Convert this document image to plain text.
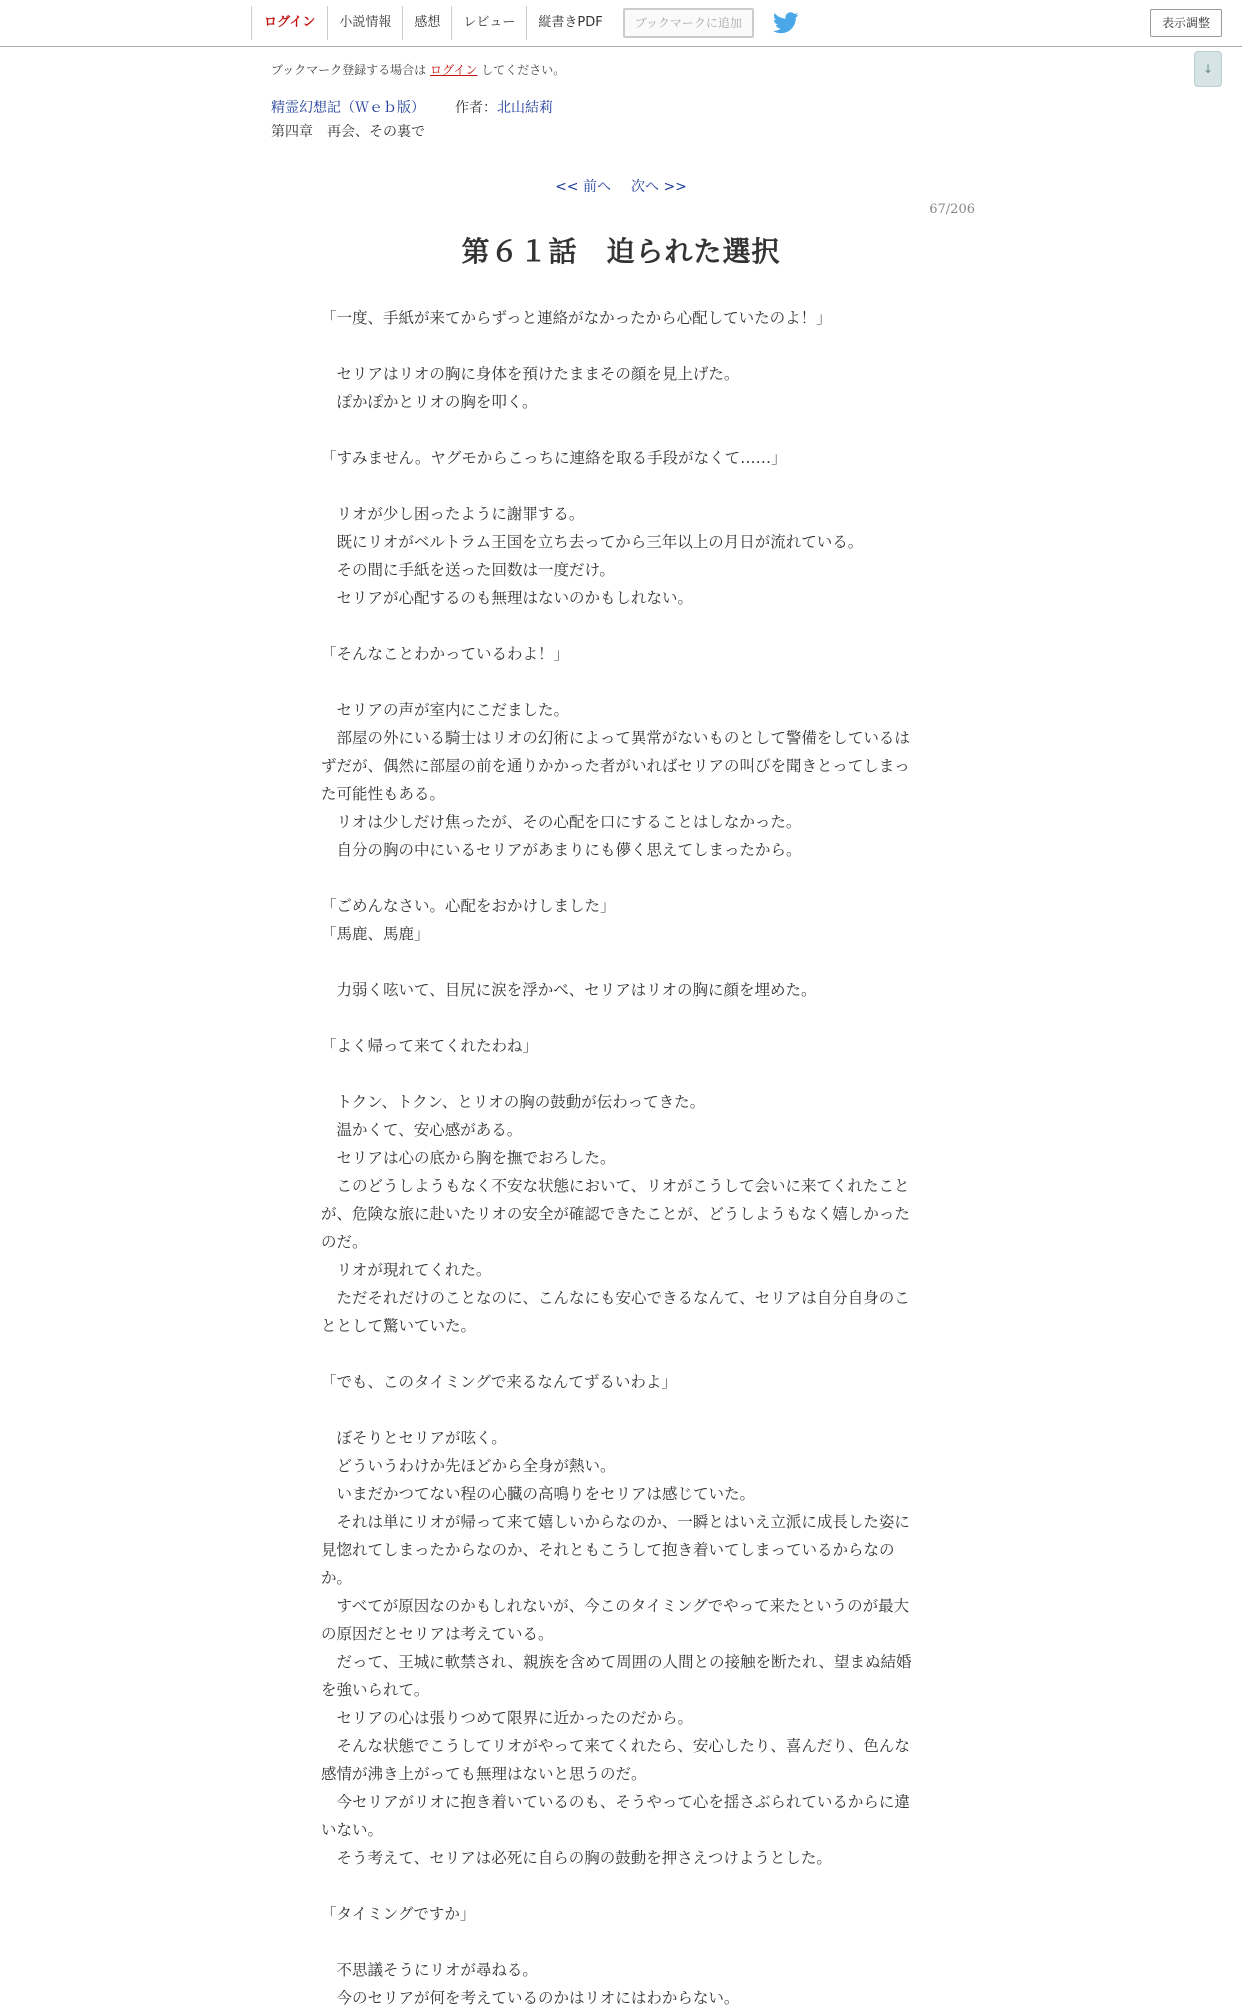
ログイン	小説情報	感想	レビュー	縦書きPDF	ブックマークに追加	表示調整
↓
ブックマーク登録する場合は ログイン してください。
精霊幻想記（Ｗｅｂ版） 作者：北山結莉
第四章　再会、その裏で
<< 前へ 次へ >>
67/206
第６１話　迫られた選択

「一度、手紙が来てからずっと連絡がなかったから心配していたのよ！」

　セリアはリオの胸に身体を預けたままその顔を見上げた。

　ぽかぽかとリオの胸を叩く。

「すみません。ヤグモからこっちに連絡を取る手段がなくて……」

　リオが少し困ったように謝罪する。

　既にリオがベルトラム王国を立ち去ってから三年以上の月日が流れている。

　その間に手紙を送った回数は一度だけ。

　セリアが心配するのも無理はないのかもしれない。

「そんなことわかっているわよ！」

　セリアの声が室内にこだました。

　部屋の外にいる騎士はリオの幻術によって異常がないものとして警備をしているはずだが、偶然に部屋の前を通りかかった者がいればセリアの叫びを聞きとってしまった可能性もある。

　リオは少しだけ焦ったが、その心配を口にすることはしなかった。

　自分の胸の中にいるセリアがあまりにも儚く思えてしまったから。

「ごめんなさい。心配をおかけしました」

「馬鹿、馬鹿」

　力弱く呟いて、目尻に涙を浮かべ、セリアはリオの胸に顔を埋めた。

「よく帰って来てくれたわね」

　トクン、トクン、とリオの胸の鼓動が伝わってきた。

　温かくて、安心感がある。

　セリアは心の底から胸を撫でおろした。

　このどうしようもなく不安な状態において、リオがこうして会いに来てくれたことが、危険な旅に赴いたリオの安全が確認できたことが、どうしようもなく嬉しかったのだ。

　リオが現れてくれた。

　ただそれだけのことなのに、こんなにも安心できるなんて、セリアは自分自身のこととして驚いていた。

「でも、このタイミングで来るなんてずるいわよ」

　ぼそりとセリアが呟く。

　どういうわけか先ほどから全身が熱い。

　いまだかつてない程の心臓の高鳴りをセリアは感じていた。

　それは単にリオが帰って来て嬉しいからなのか、一瞬とはいえ立派に成長した姿に見惚れてしまったからなのか、それともこうして抱き着いてしまっているからなのか。

　すべてが原因なのかもしれないが、今このタイミングでやって来たというのが最大の原因だとセリアは考えている。

　だって、王城に軟禁され、親族を含めて周囲の人間との接触を断たれ、望まぬ結婚を強いられて。

　セリアの心は張りつめて限界に近かったのだから。

　そんな状態でこうしてリオがやって来てくれたら、安心したり、喜んだり、色んな感情が沸き上がっても無理はないと思うのだ。

　今セリアがリオに抱き着いているのも、そうやって心を揺さぶられているからに違いない。

　そう考えて、セリアは必死に自らの胸の鼓動を押さえつけようとした。

「タイミングですか」

　不思議そうにリオが尋ねる。

　今のセリアが何を考えているのかはリオにはわからない。
